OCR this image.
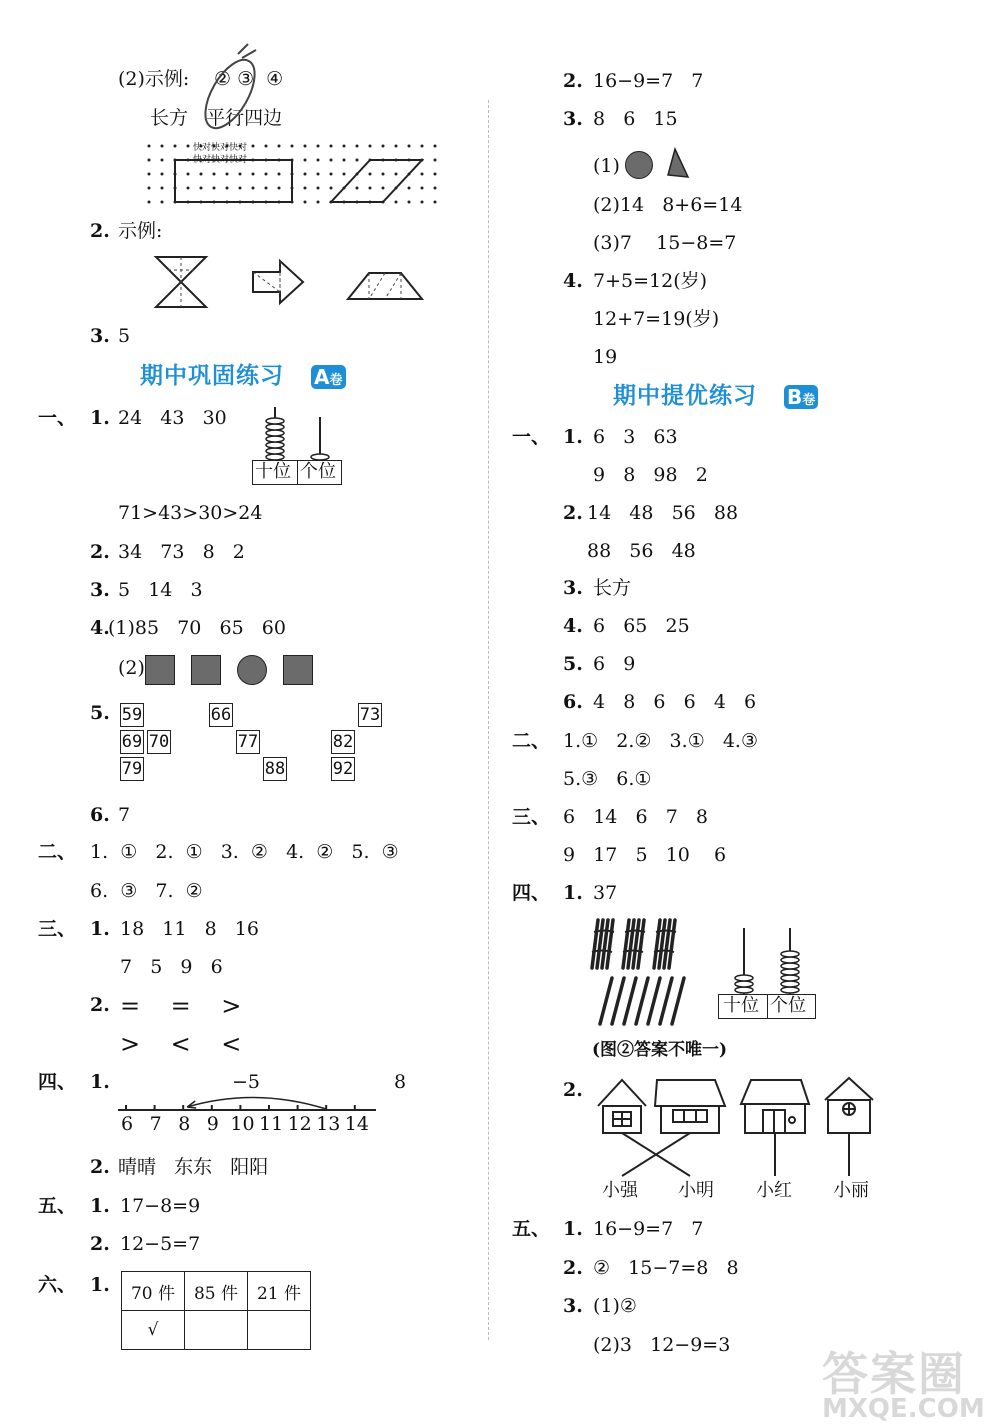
(2)示例: ② ③  ④
长方   平行四边
快对快对快对
快对快对快对
2. 示例:
3. 5
期中巩固练习 A卷
一、 1. 24   43   30
十位 个位
71>43>30>24
2. 34   73   8   2
3. 5   14   3
4.
(1)85   70   65   60
(2)
5. 59
69 70
79
66
77
88
73
82
92
6. 7
二、 1.  ①   2.  ①   3.  ②   4.  ②   5.  ③
6.  ③   7.  ②
三、 1. 18   11   8   16
7   5   9   6
2. =    =    >
>    <    <
四、 1.	−5	8
6 7 8 9 10 11 12 13 14
2. 晴晴   东东   阳阳
五、 1. 17−8=9
2. 12−5=7
六、 1. 70 件	85 件	21 件
√		
2. 16−9=7   7
3. 8   6   15
(1)
(2)14   8+6=14
(3)7    15−8=7
4. 7+5=12(岁)
12+7=19(岁)
19
期中提优练习 B卷
一、 1. 6   3   63
9   8   98   2
2. 14   48   56   88
88   56   48
3. 长方
4. 6   65   25
5. 6   9
6. 4   8   6   6   4   6
二、 1.①   2.②   3.①   4.③
5.③   6.①
三、 6   14   6   7   8
9   17   5   10    6
四、 1. 37
十位 个位
(图②答案不唯一)
2.
小强 小明 小红 小丽
五、 1. 16−9=7   7
2. ②   15−7=8   8
3. (1)②
(2)3   12−9=3
答案圈
MXQE.COM
